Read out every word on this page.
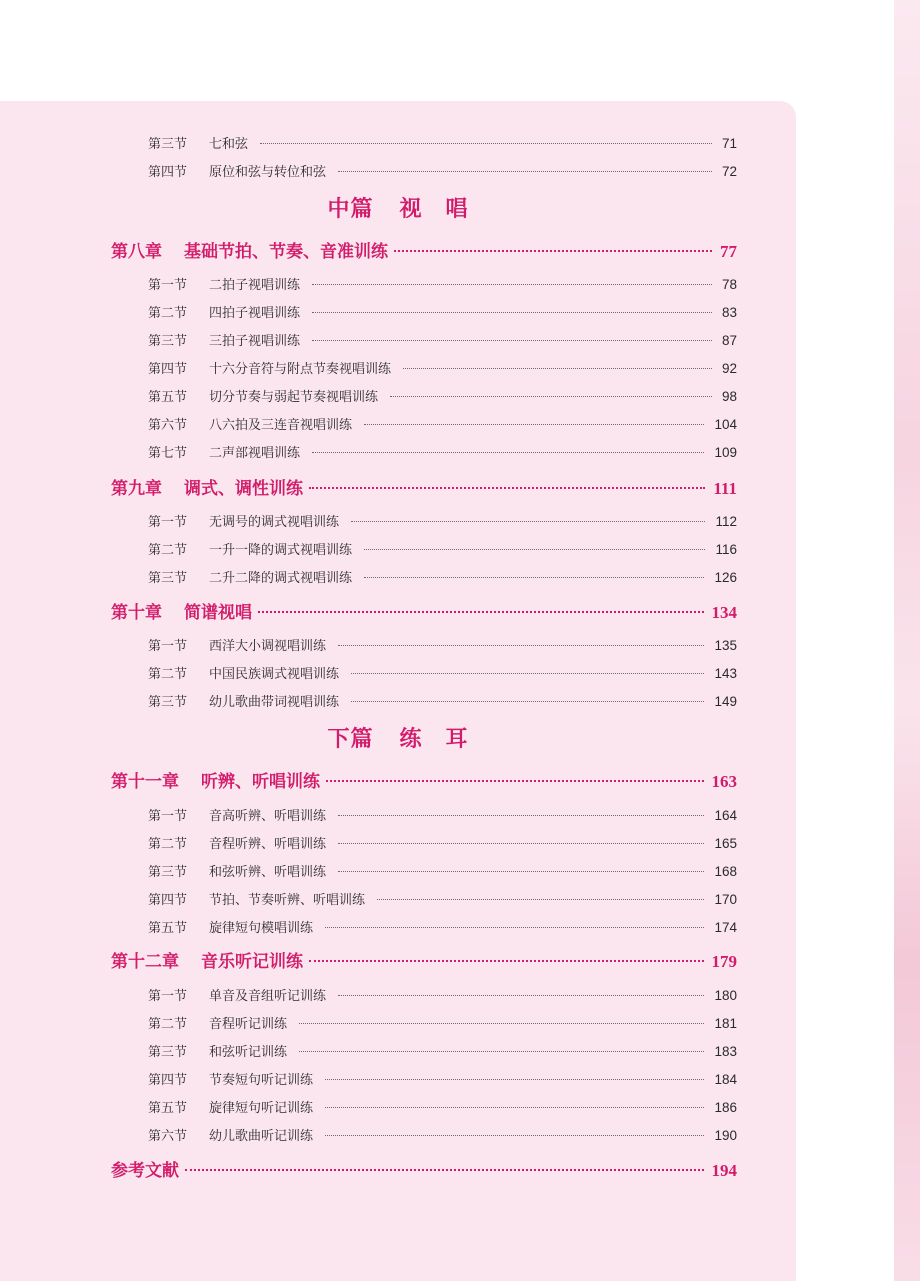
第三节	七和弦	71
第四节	原位和弦与转位和弦	72
中篇 视　唱
第八章 基础节拍、节奏、音准训练	77
第一节	二拍子视唱训练	78
第二节	四拍子视唱训练	83
第三节	三拍子视唱训练	87
第四节	十六分音符与附点节奏视唱训练	92
第五节	切分节奏与弱起节奏视唱训练	98
第六节	八六拍及三连音视唱训练	104
第七节	二声部视唱训练	109
第九章 调式、调性训练	111
第一节	无调号的调式视唱训练	112
第二节	一升一降的调式视唱训练	116
第三节	二升二降的调式视唱训练	126
第十章 简谱视唱	134
第一节	西洋大小调视唱训练	135
第二节	中国民族调式视唱训练	143
第三节	幼儿歌曲带词视唱训练	149
下篇 练　耳
第十一章 听辨、听唱训练	163
第一节	音高听辨、听唱训练	164
第二节	音程听辨、听唱训练	165
第三节	和弦听辨、听唱训练	168
第四节	节拍、节奏听辨、听唱训练	170
第五节	旋律短句模唱训练	174
第十二章 音乐听记训练	179
第一节	单音及音组听记训练	180
第二节	音程听记训练	181
第三节	和弦听记训练	183
第四节	节奏短句听记训练	184
第五节	旋律短句听记训练	186
第六节	幼儿歌曲听记训练	190
参考文献	194
